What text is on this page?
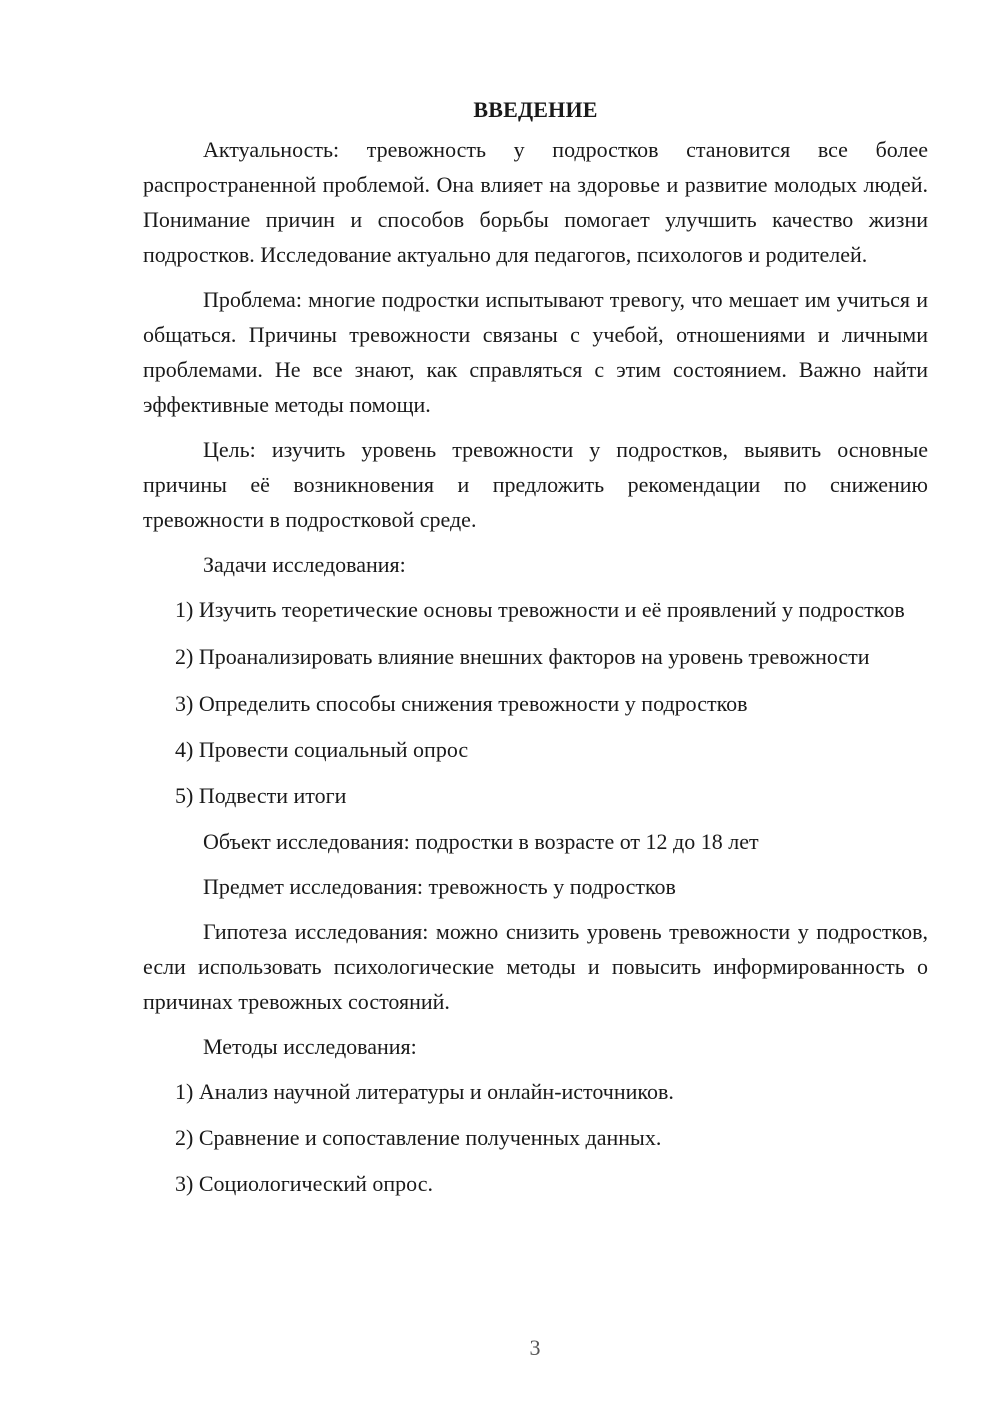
ВВЕДЕНИЕ

Актуальность: тревожность у подростков становится все более распространенной проблемой. Она влияет на здоровье и развитие молодых людей. Понимание причин и способов борьбы помогает улучшить качество жизни подростков. Исследование актуально для педагогов, психологов и родителей.

Проблема: многие подростки испытывают тревогу, что мешает им учиться и общаться. Причины тревожности связаны с учебой, отношениями и личными проблемами. Не все знают, как справляться с этим состоянием. Важно найти эффективные методы помощи.

Цель: изучить уровень тревожности у подростков, выявить основные причины её возникновения и предложить рекомендации по снижению тревожности в подростковой среде.

Задачи исследования:

1) Изучить теоретические основы тревожности и её проявлений у подростков

2) Проанализировать влияние внешних факторов на уровень тревожности

3) Определить способы снижения тревожности у подростков

4) Провести социальный опрос

5) Подвести итоги

Объект исследования: подростки в возрасте от 12 до 18 лет

Предмет исследования: тревожность у подростков

Гипотеза исследования: можно снизить уровень тревожности у подростков, если использовать психологические методы и повысить информированность о причинах тревожных состояний.

Методы исследования:

1) Анализ научной литературы и онлайн-источников.

2) Сравнение и сопоставление полученных данных.

3) Социологический опрос.

3
